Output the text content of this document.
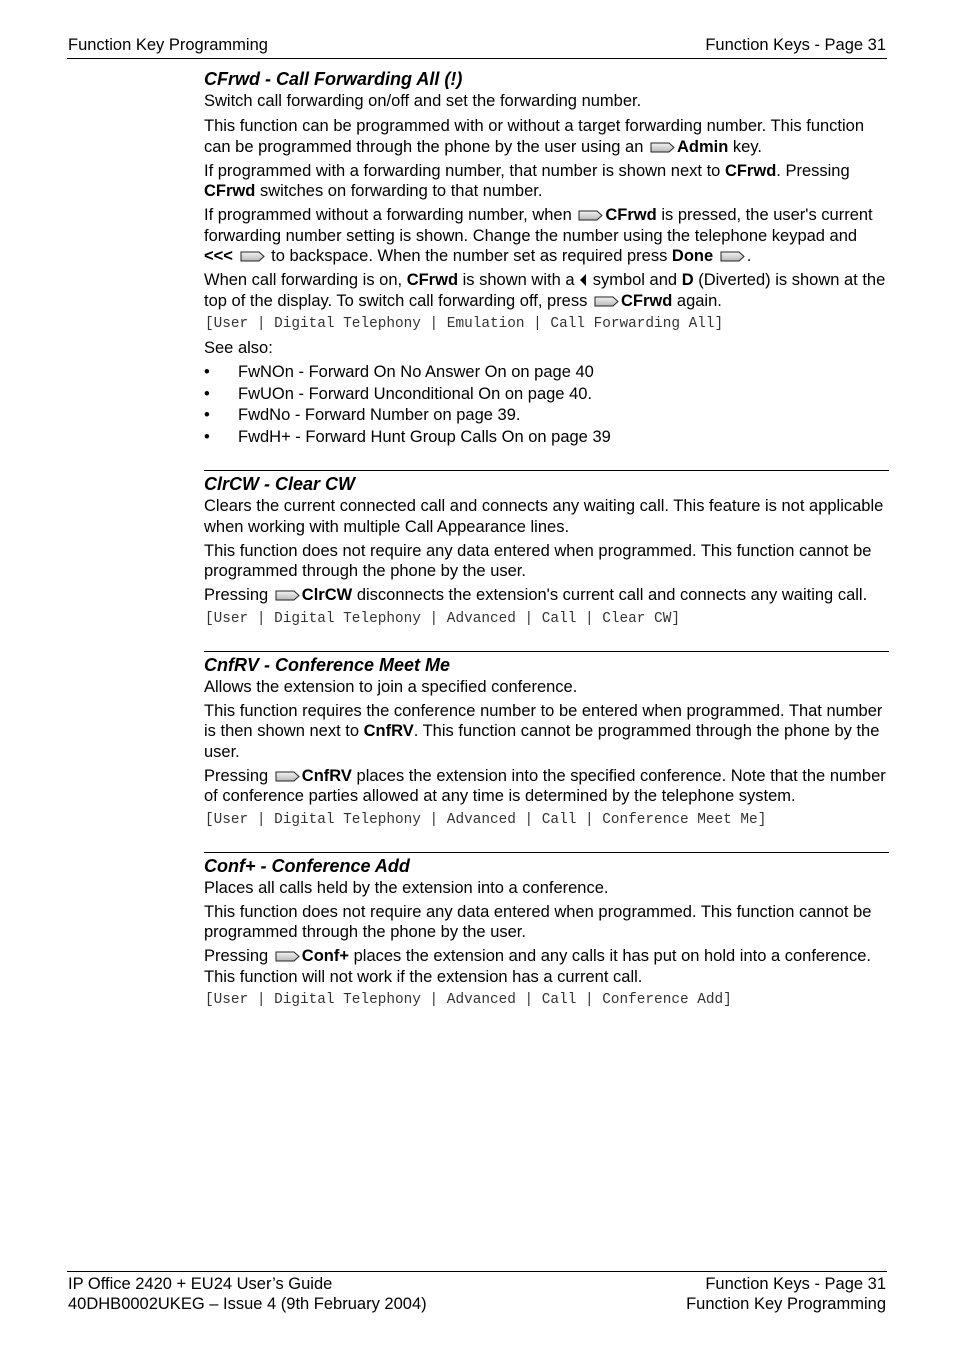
Function Key Programming	Function Keys - Page 31
CFrwd - Call Forwarding All (!)

Switch call forwarding on/off and set the forwarding number.

This function can be programmed with or without a target forwarding number. This function can be programmed through the phone by the user using an Admin key.

If programmed with a forwarding number, that number is shown next to CFrwd. Pressing CFrwd switches on forwarding to that number.

If programmed without a forwarding number, when CFrwd is pressed, the user's current forwarding number setting is shown. Change the number using the telephone keypad and <<< to backspace. When the number set as required press Done .

When call forwarding is on, CFrwd is shown with a symbol and D (Diverted) is shown at the top of the display. To switch call forwarding off, press CFrwd again.

[User | Digital Telephony | Emulation | Call Forwarding All]

See also:

• FwNOn - Forward On No Answer On on page 40
• FwUOn - Forward Unconditional On on page 40.
• FwdNo - Forward Number on page 39.
• FwdH+ - Forward Hunt Group Calls On on page 39
ClrCW - Clear CW

Clears the current connected call and connects any waiting call. This feature is not applicable when working with multiple Call Appearance lines.

This function does not require any data entered when programmed. This function cannot be programmed through the phone by the user.

Pressing ClrCW disconnects the extension's current call and connects any waiting call.

[User | Digital Telephony | Advanced | Call | Clear CW]
CnfRV - Conference Meet Me

Allows the extension to join a specified conference.

This function requires the conference number to be entered when programmed. That number is then shown next to CnfRV. This function cannot be programmed through the phone by the user.

Pressing CnfRV places the extension into the specified conference. Note that the number of conference parties allowed at any time is determined by the telephone system.

[User | Digital Telephony | Advanced | Call | Conference Meet Me]
Conf+ - Conference Add

Places all calls held by the extension into a conference.

This function does not require any data entered when programmed. This function cannot be programmed through the phone by the user.

Pressing Conf+ places the extension and any calls it has put on hold into a conference. This function will not work if the extension has a current call.

[User | Digital Telephony | Advanced | Call | Conference Add]
IP Office 2420 + EU24 User’s Guide	Function Keys - Page 31
40DHB0002UKEG – Issue 4 (9th February 2004)	Function Key Programming
